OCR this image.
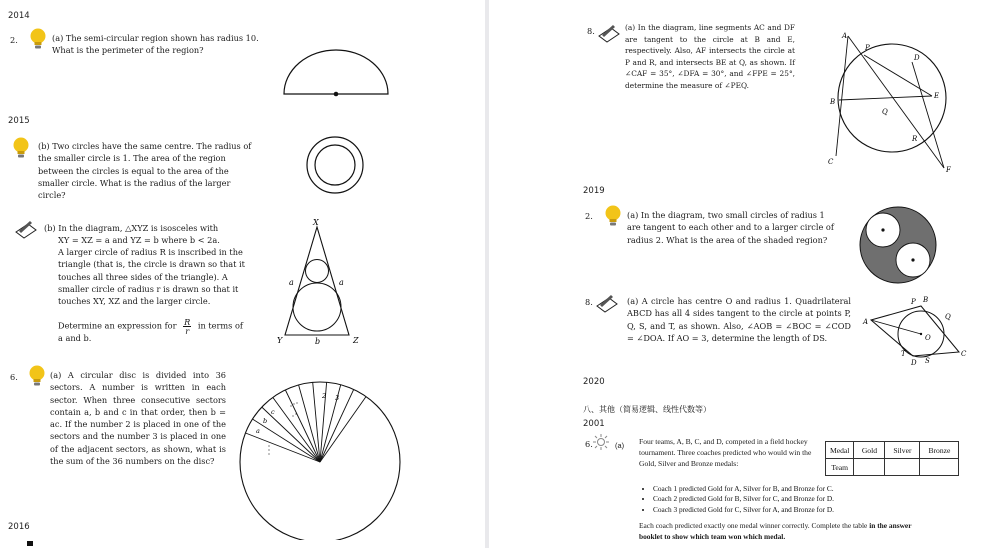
2014
2.	(a) The semi-circular region shown has radius 10. What is the perimeter of the region?
2015
(b) Two circles have the same centre. The radius of the smaller circle is 1. The area of the region between the circles is equal to the area of the smaller circle. What is the radius of the larger circle?
(b) In the diagram, △XYZ is isosceles with
XY = XZ = a and YZ = b where b < 2a.
A larger circle of radius R is inscribed in the triangle (that is, the circle is drawn so that it touches all three sides of the triangle). A smaller circle of radius r is drawn so that it touches XY, XZ and the larger circle.
Determine an expression for $\frac{R}{r}$ in terms of
a and b.
X
Y	Z
a	a
b
6.	(a) A circular disc is divided into 36 sectors. A number is written in each sector. When three consecutive sectors contain a, b and c in that order, then b = ac. If the number 2 is placed in one of the sectors and the number 3 is placed in one of the adjacent sectors, as shown, what is the sum of the 36 numbers on the disc?
2 3
c
b
a
2016
8.	(a) In the diagram, line segments AC and DF are tangent to the circle at B and E, respectively. Also, AF intersects the circle at P and R, and intersects BE at Q, as shown. If ∠CAF = 35°, ∠DFA = 30°, and ∠FPE = 25°, determine the measure of ∠PEQ.
A
P
D
B
Q
E
R
C
F
2019
2.	(a) In the diagram, two small circles of radius 1 are tangent to each other and to a larger circle of radius 2. What is the area of the shaded region?
8.	(a) A circle has centre O and radius 1. Quadrilateral ABCD has all 4 sides tangent to the circle at points P, Q, S, and T, as shown. Also, ∠AOB = ∠BOC = ∠COD = ∠DOA. If AO = 3, determine the length of DS.
A
P B
Q
O
T
D S
C
2020
八、其他（简易逻辑、线性代数等）
2001
6.	(a) Four teams, A, B, C, and D, competed in a field hockey tournament. Three coaches predicted who would win the Gold, Silver and Bronze medals:
Medal	Gold	Silver	Bronze
Team			
• Coach 1 predicted Gold for A, Silver for B, and Bronze for C.
• Coach 2 predicted Gold for B, Silver for C, and Bronze for D.
• Coach 3 predicted Gold for C, Silver for A, and Bronze for D.
Each coach predicted exactly one medal winner correctly. Complete the table in the answer
booklet to show which team won which medal.
